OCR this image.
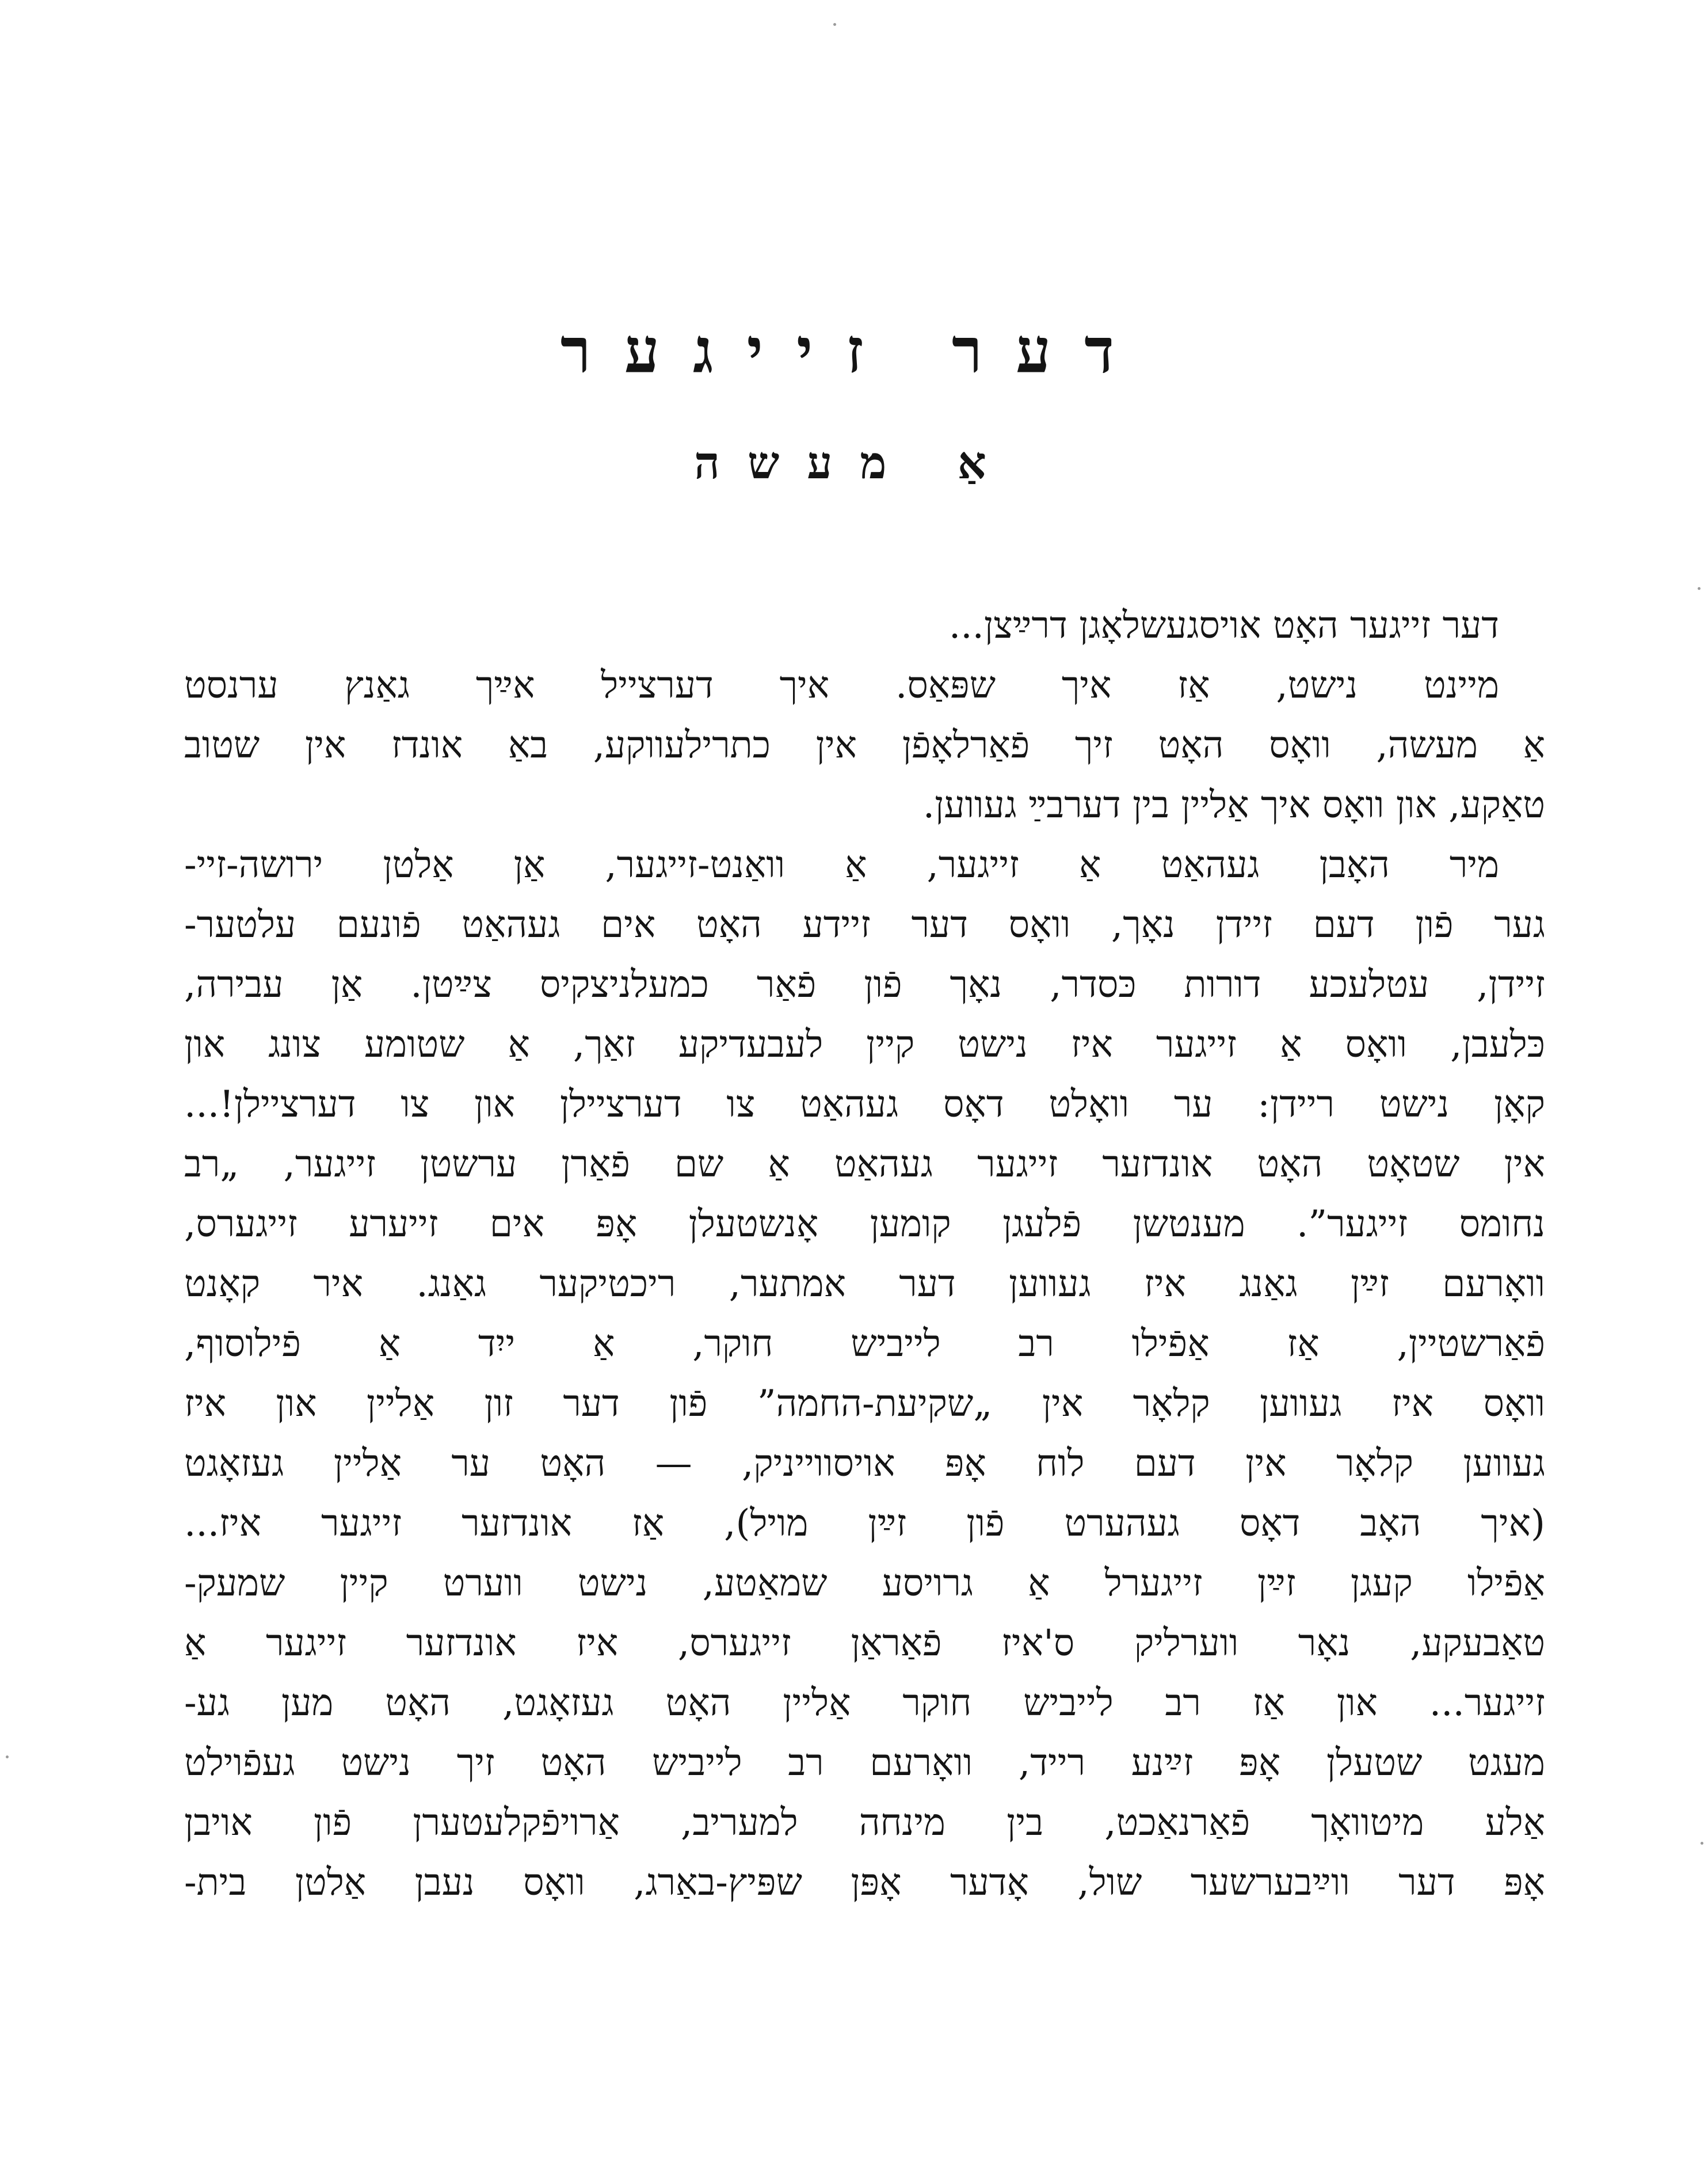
דער זייגער
אַ מעשה
דער זייגער האָט אויסגעשלאָגן דרײַצן...
מיינט נישט, אַז איך שפּאַס. איך דערצייל אײַך גאַנץ ערנסט
אַ מעשה, וואָס האָט זיך פֿאַרלאָפֿן אין כתרילעווקע, באַ אונדז אין שטוב
טאַקע, און וואָס איך אַליין בין דערבײַ געווען.
מיר האָבן געהאַט אַ זייגער, אַ וואַנט-זייגער, אַן אַלטן ירושה-זיי-
גער פֿון דעם זיידן נאָך, וואָס דער זיידע האָט אים געהאַט פֿונעם עלטער-
זיידן, עטלעכע דורות כּסדר, נאָך פֿון פֿאַר כמעלניצקיס צײַטן. אַן עבירה,
כּלעבן, וואָס אַ זייגער איז נישט קיין לעבעדיקע זאַך, אַ שטומע צונג און
קאָן נישט ריידן: ער וואָלט דאָס געהאַט צו דערציילן און צו דערציילן!...
אין שטאָט האָט אונדזער זייגער געהאַט אַ שם פֿאַרן ערשטן זייגער, „רב
נחומס זייגער”. מענטשן פֿלעגן קומען אָנשטעלן אָפּ אים זייערע זייגערס,
וואָרעם זײַן גאַנג איז געווען דער אמתער, ריכטיקער גאַנג. איר קאָנט
פֿאַרשטיין, אַז אַפֿילו רב לייביש חוקר, אַ ייִד אַ פֿילוסוף,
וואָס איז געווען קלאָר אין „שקיעת-החמה” פֿון דער זון אַליין און איז
געווען קלאָר אין דעם לוח אָפּ אויסווייניק, — האָט ער אַליין געזאָגט
(איך האָב דאָס געהערט פֿון זײַן מויל), אַז אונדזער זייגער איז...
אַפֿילו קעגן זײַן זייגערל אַ גרויסע שמאַטע, נישט ווערט קיין שמעק-
טאַבעקע, נאָר ווערליק ס'איז פֿאַראַן זייגערס, איז אונדזער זייגער אַ
זייגער... און אַז רב לייביש חוקר אַליין האָט געזאָגט, האָט מען גע-
מעגט שטעלן אָפּ זײַנע רייד, וואָרעם רב לייביש האָט זיך נישט געפֿוילט
אַלע מיטוואָך פֿאַרנאַכט, בין מינחה למעריב, אַרויפֿקלעטערן פֿון אויבן
אָפּ דער ווײַבערשער שול, אָדער אָפּן שפּיץ-באַרג, וואָס נעבן אַלטן בית-
